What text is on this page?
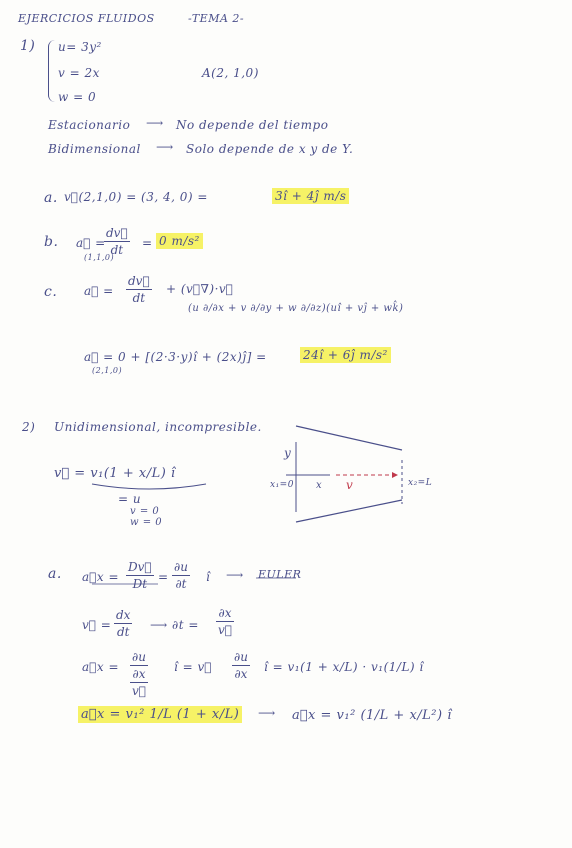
EJERCICIOS FLUIDOS	-TEMA 2-
1) u= 3y²
v = 2x
w = 0
A(2, 1,0)
Estacionario ⟶ No depende del tiempo
Bidimensional ⟶ Solo depende de x y de Y.
a. v⃗(2,1,0) = (3, 4, 0) =	3î + 4ĵ m/s
b. a⃗ =
(1,1,0)
dv⃗
dt	= 0 m/s²
c. a⃗ =
dv⃗
dt
+ (v⃗∇)·v⃗
(u ∂/∂x + v ∂/∂y + w ∂/∂z)(uî + vĵ + wk̂)
a⃗ = 0 + [(2·3·y)î + (2x)ĵ] =
(2,1,0)
24î + 6ĵ m/s²
2) Unidimensional, incompresible.
v⃗ = v₁(1 + x/L) î
= u
v = 0
w = 0
y
x₁=0 x v	x₂=L
a. a⃗x =
Dv⃗
Dt =
∂u
∂t î ⟶ EULER
v⃗ =
dx
dt ⟶ ∂t =
∂x
v⃗
a⃗x =
∂u
∂x
v⃗
î = v⃗
∂u
∂x î = v₁(1 + x/L) · v₁(1/L) î
a⃗x = v₁² 1/L (1 + x/L) ⟶ a⃗x = v₁² (1/L + x/L²) î
